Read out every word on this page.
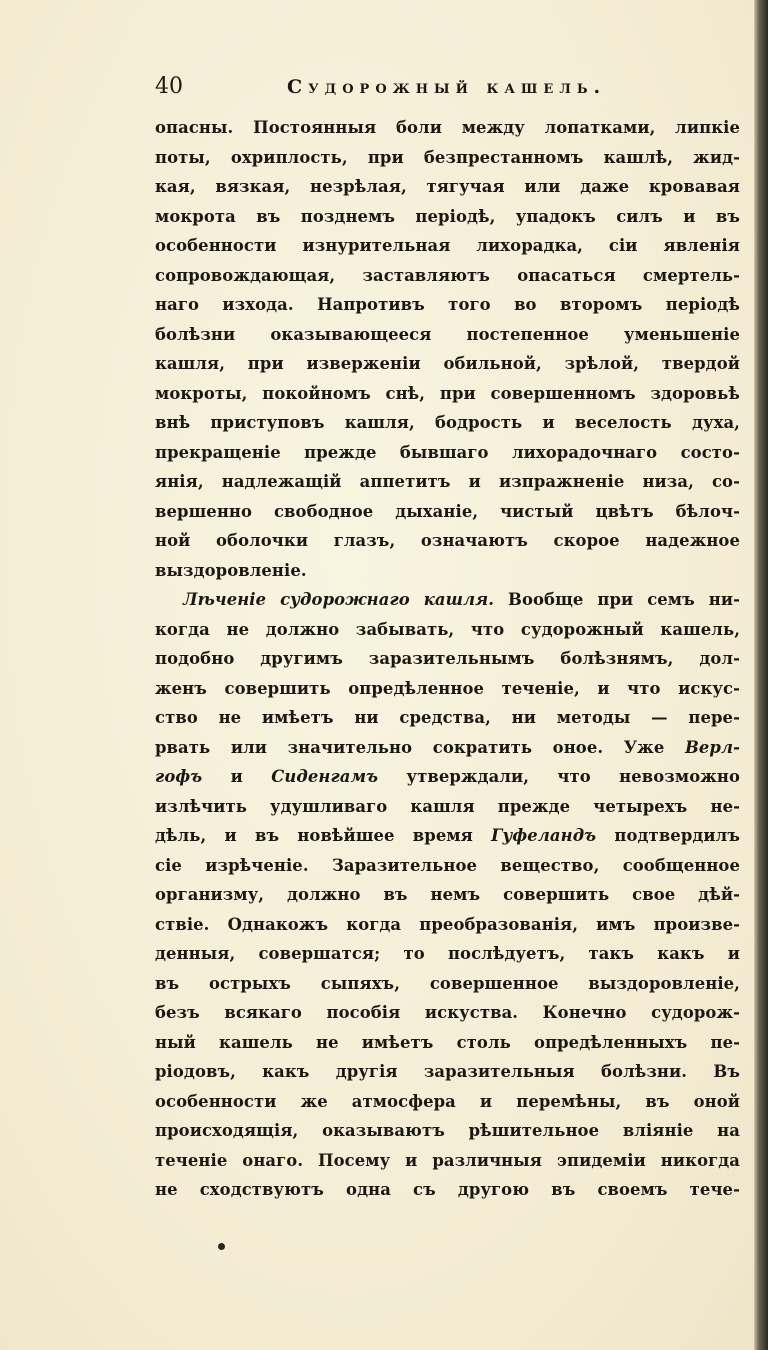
40	Судорожный кашель.
опасны. Постоянныя боли между лопатками, липкіе
поты, охриплость, при безпрестанномъ кашлѣ, жид-
кая, вязкая, незрѣлая, тягучая или даже кровавая
мокрота въ позднемъ періодѣ, упадокъ силъ и въ
особенности изнурительная лихорадка, сіи явленія
сопровождающая, заставляютъ опасаться смертель-
наго изхода. Напротивъ того во второмъ періодѣ
болѣзни оказывающееся постепенное уменьшеніе
кашля, при изверженіи обильной, зрѣлой, твердой
мокроты, покойномъ снѣ, при совершенномъ здоровьѣ
внѣ приступовъ кашля, бодрость и веселость духа,
прекращеніе прежде бывшаго лихорадочнаго состо-
янія, надлежащій аппетитъ и изпражненіе низа, со-
вершенно свободное дыханіе, чистый цвѣтъ бѣлоч-
ной оболочки глазъ, означаютъ скорое надежное
выздоровленіе.
Лѣченіе судорожнаго кашля. Вообще при семъ ни-
когда не должно забывать, что судорожный кашель,
подобно другимъ заразительнымъ болѣзнямъ, дол-
женъ совершить опредѣленное теченіе, и что искус-
ство не имѣетъ ни средства, ни методы — пере-
рвать или значительно сократить оное. Уже Верл-
гофъ и Сиденгамъ утверждали, что невозможно
излѣчить удушливаго кашля прежде четырехъ не-
дѣль, и въ новѣйшее время Гуфеландъ подтвердилъ
сіе изрѣченіе. Заразительное вещество, сообщенное
организму, должно въ немъ совершить свое дѣй-
ствіе. Однакожъ когда преобразованія, имъ произве-
денныя, совершатся; то послѣдуетъ, такъ какъ и
въ острыхъ сыпяхъ, совершенное выздоровленіе,
безъ всякаго пособія искуства. Конечно судорож-
ный кашель не имѣетъ столь опредѣленныхъ пе-
ріодовъ, какъ другія заразительныя болѣзни. Въ
особенности же атмосфера и перемѣны, въ оной
происходящія, оказываютъ рѣшительное вліяніе на
теченіе онаго. Посему и различныя эпидеміи никогда
не сходствуютъ одна съ другою въ своемъ тече-
